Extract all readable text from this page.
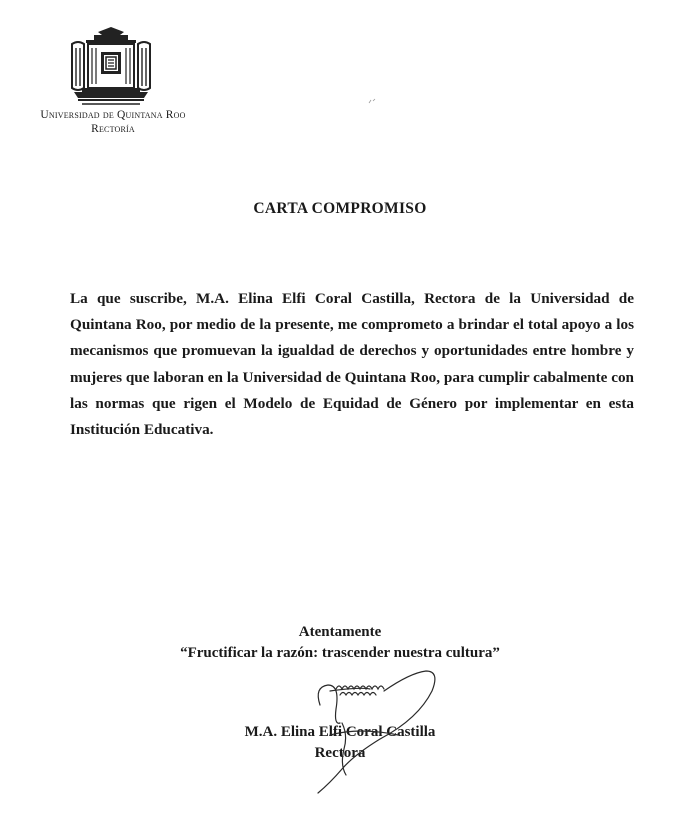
Universidad de Quintana Roo
Rectoría
CARTA COMPROMISO
La que suscribe, M.A. Elina Elfi Coral Castilla, Rectora de la Universidad de Quintana Roo, por medio de la presente, me comprometo a brindar el total apoyo a los mecanismos que promuevan la igualdad de derechos y oportunidades entre hombre y mujeres que laboran en la Universidad de Quintana Roo, para cumplir cabalmente con las normas que rigen el Modelo de Equidad de Género por implementar en esta Institución Educativa.
Atentamente
“Fructificar la razón: trascender nuestra cultura”
M.A. Elina Elfi Coral Castilla
Rectora
